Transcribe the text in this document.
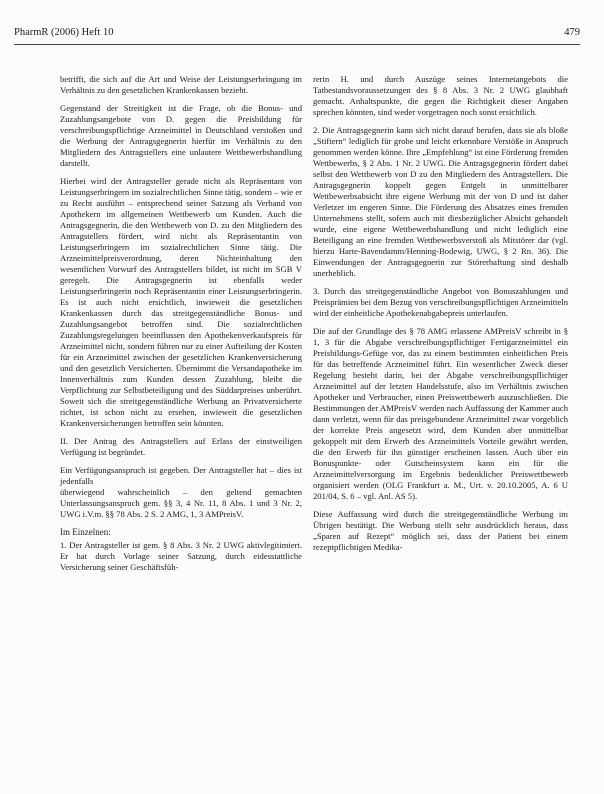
PharmR (2006) Heft 10	479

betrifft, die sich auf die Art und Weise der Leistungserbringung im Verhältnis zu den gesetzlichen Krankenkassen bezieht.

Gegenstand der Streitigkeit ist die Frage, ob die Bonus- und Zuzahlungsangebote von D. gegen die Preisbildung für verschreibungspflichtige Arzneimittel in Deutschland verstoßen und die Werbung der Antragsgegnerin hierfür im Verhältnis zu den Mitgliedern des Antragstellers eine unlautere Wettbewerbshandlung darstellt.

Hierbei wird der Antragsteller gerade nicht als Repräsentant von Leistungserbringern im sozialrechtlichen Sinne tätig, sondern – wie er zu Recht ausführt – entsprechend seiner Satzung als Verband von Apothekern im allgemeinen Wettbewerb um Kunden. Auch die Antragsgegnerin, die den Wettbewerb von D. zu den Mitgliedern des Antragstellers fördert, wird nicht als Repräsentantin von Leistungserbringern im sozialrechtlichen Sinne tätig. Die Arzneimittelpreisverordnung, deren Nichteinhaltung den wesentlichen Vorwurf des Antragstellers bildet, ist nicht im SGB V geregelt. Die Antragsgegnerin ist ebenfalls weder Leistungserbringerin noch Repräsentantin einer Leistungserbringerin. Es ist auch nicht ersichtlich, inwieweit die gesetzlichen Krankenkassen durch das streitgegenständliche Bonus- und Zuzahlungsangebot betroffen sind. Die sozialrechtlichen Zuzahlungsregelungen beeinflussen den Apothekenverkaufspreis für Arzneimittel nicht, sondern führen nur zu einer Aufteilung der Kosten für ein Arzneimittel zwischen der gesetzlichen Krankenversicherung und den gesetzlich Versicherten. Übernimmt die Versandapotheke im Innenverhältnis zum Kunden dessen Zuzahlung, bleibt die Verpflichtung zur Selbstbeteiligung und des Süddarpreises unberührt. Soweit sich die streitgegenständliche Werbung an Privatversicherte richtet, ist schon nicht zu ersehen, inwieweit die gesetzlichen Krankenversicherungen betroffen sein könnten.

II. Der Antrag des Antragstellers auf Erlass der einstweiligen Verfügung ist begründet.

Ein Verfügungsanspruch ist gegeben. Der Antragsteller hat – dies ist jedenfalls

überwiegend wahrscheinlich – den geltend gemachten Unterlassungsanspruch gem. §§ 3, 4 Nr. 11, 8 Abs. 1 und 3 Nr. 2, UWG i.V.m. §§ 78 Abs. 2 S. 2 AMG, 1, 3 AMPreisV.

Im Einzelnen:

1. Der Antragsteller ist gem. § 8 Abs. 3 Nr. 2 UWG aktivlegitimiert. Er hat durch Vorlage seiner Satzung, durch eidesstattliche Versicherung seiner Geschäftsfüh-

rerin H. und durch Auszüge seines Internetangebots die Tatbestandsvoraussetzungen des § 8 Abs. 3 Nr. 2 UWG glaubhaft gemacht. Anhaltspunkte, die gegen die Richtigkeit dieser Angaben sprechen könnten, sind weder vorgetragen noch sonst ersichtlich.

2. Die Antragsgegnerin kann sich nicht darauf berufen, dass sie als bloße „Stiftern“ lediglich für grobe und leicht erkennbare Verstöße in Anspruch genommen werden könne. Ihre „Empfehlung“ ist eine Förderung fremden Wettbewerbs, § 2 Abs. 1 Nr. 2 UWG. Die Antragsgegnerin fördert dabei selbst den Wettbewerb von D zu den Mitgliedern des Antragstellers. Die Antragsgegnerin koppelt gegen Entgelt in unmittelbarer Wettbewerbsabsicht ihre eigene Werbung mit der von D und ist daher Verletzer im engeren Sinne. Die Förderung des Absatzes eines fremden Unternehmens stellt, sofern auch mit diesbezüglicher Absicht gehandelt wurde, eine eigene Wettbewerbshandlung und nicht lediglich eine Beteiligung an eine fremden Wettbewerbsverstoß als Mitstörer dar (vgl. hierzu Harte-Bavendamm/Henning-Bodewig, UWG, § 2 Rn. 36). Die Einwendungen der Antragsgegnerin zur Störerhaftung sind deshalb unerheblich.

3. Durch das streitgegenständliche Angebot von Bonuszahlungen und Preisprämien bei dem Bezug von verschreibungspflichtigen Arzneimitteln wird der einheitliche Apothekenabgabepreis unterlaufen.

Die auf der Grundlage des § 78 AMG erlassene AMPreisV schreibt in § 1, 3 für die Abgabe verschreibungspflichtiger Fertigarzneimittel ein Preisbildungs-Gefüge vor, das zu einem bestimmten einheitlichen Preis für das betreffende Arzneimittel führt. Ein wesentlicher Zweck dieser Regelung besteht darin, bei der Abgabe verschreibungspflichtiger Arzneimittel auf der letzten Handelsstufe, also im Verhältnis zwischen Apotheker und Verbraucher, einen Preiswettbewerb auszuschließen. Die Bestimmungen der AMPreisV werden nach Auffassung der Kammer auch dann verletzt, wenn für das preisgebundene Arzneimittel zwar vorgeblich der korrekte Preis angesetzt wird, dem Kunden aber unmittelbar gekoppelt mit dem Erwerb des Arzneimittels Vorteile gewährt werden, die den Erwerb für ihn günstiger erscheinen lassen. Auch über ein Bonuspunkte- oder Gutscheinsystem kann ein für die Arzneimittelversorgung im Ergebnis bedenklicher Preiswettbewerb organisiert werden (OLG Frankfurt a. M., Urt. v. 20.10.2005, A. 6 U 201/04, S. 6 – vgl. Anl. AS 5).

Diese Auffassung wird durch die streitgegenständliche Werbung im Übrigen bestätigt. Die Werbung stellt sehr ausdrücklich heraus, dass „Sparen auf Rezept“ möglich sei, dass der Patient bei einem rezeptpflichtigen Medika-
